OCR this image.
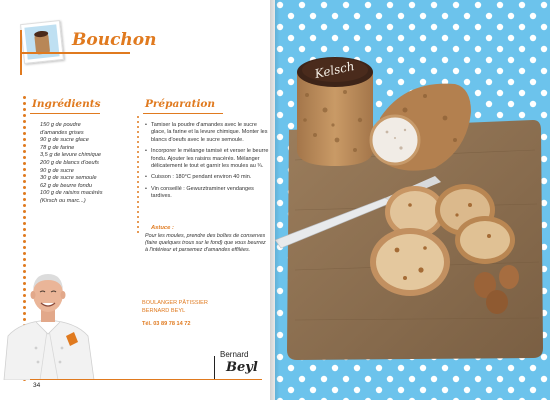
Bouchon
Ingrédients
150 g de poudre
d'amandes grises
90 g de sucre glace
78 g de farine
3,5 g de levure chimique
200 g de blancs d'oeufs
90 g de sucre
30 g de sucre semoule
62 g de beurre fondu
100 g de raisins macérés
(Kirsch ou marc...)
Préparation
• Tamiser la poudre d'amandes avec le sucre glace, la farine et la levure chimique. Monter les blancs d'oeufs avec le sucre semoule.
• Incorporer le mélange tamisé et verser le beurre fondu. Ajouter les raisins macérés. Mélanger délicatement le tout et garnir les moules au ¾.
• Cuisson : 180°C pendant environ 40 min.
• Vin conseillé : Gewurztraminer vendanges tardives.
Astuce :
Pour les moules, prendre des boîtes de conserves (faire quelques trous sur le fond) que vous beurrez à l'intérieur et parsemez d'amandes effilées.
BOULANGER PÂTISSIER
BERNARD BEYL
Tél. 03 89 78 14 72
Bernard
Beyl
34
Kelsch
